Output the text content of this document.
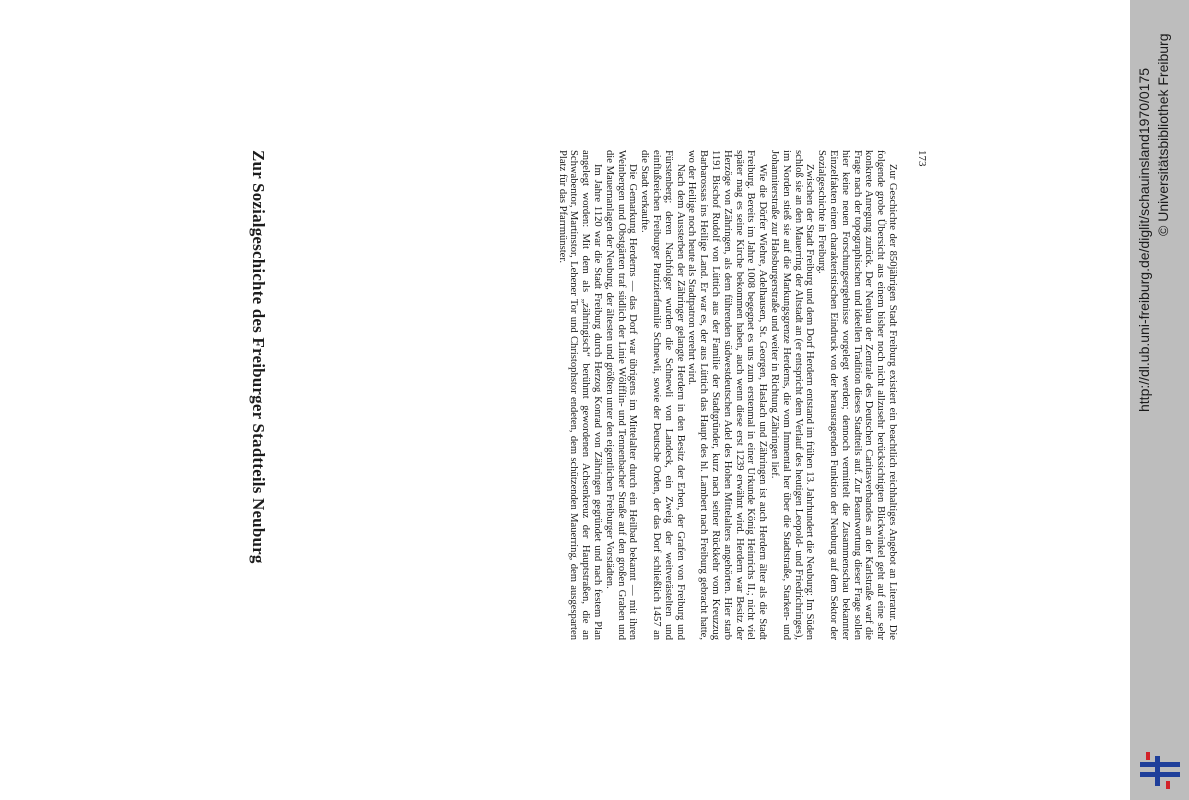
Zur Sozialgeschichte des Freiburger Stadtteils Neuburg	Zur Geschichte der 850jährigen Stadt Freiburg existiert ein beachtlich reichhaltiges Angebot an Literatur. Die folgende grobe Übersicht aus einem bisher noch nicht allzusehr berücksichtigten Blickwinkel geht auf eine sehr konkrete Anregung zurück. Der Neubau der Zentrale des Deutschen Caritasverbandes an der Karlstraße warf die Frage nach der topographischen und ideellen Tradition dieses Stadtteils auf. Zur Beantwortung dieser Frage sollen hier keine neuen Forschungsergebnisse vorgelegt werden; dennoch vermittelt die Zusammenschau bekannter Einzelfakten einen charakteristischen Eindruck von der herausragenden Funktion der Neuburg auf dem Sektor der Sozialgeschichte in Freiburg.

Zwischen der Stadt Freiburg und dem Dorf Herdern entstand im frühen 13. Jahrhundert die Neuburg: Im Süden schloß sie an den Mauerring der Altstadt an (er entspricht dem Verlauf des heutigen Leopold- und Friedrichringes), im Norden stieß sie auf die Markungsgrenze Herderns, die vom Immental her über die Stadtstraße, Starken- und Johanniterstraße zur Habsburgerstraße und weiter in Richtung Zähringen lief.

Wie die Dörfer Wiehre, Adelhausen, St. Georgen, Haslach und Zähringen ist auch Herdern älter als die Stadt Freiburg. Bereits im Jahre 1008 begegnet es uns zum erstenmal in einer Urkunde König Heinrichs II.; nicht viel später mag es seine Kirche bekommen haben, auch wenn diese erst 1239 erwähnt wird. Herdern war Besitz der Herzöge von Zähringen, als dem führenden südwestdeutschen Adel des Hohen Mittelalters angehörten. Hier starb 1191 Bischof Rudolf von Lüttich aus der Familie der Stadtgründer, kurz nach seiner Rückkehr vom Kreuzzug Barbarossas ins Heilige Land. Er war es, der aus Lüttich das Haupt des hl. Lambert nach Freiburg gebracht hatte, wo der Heilige noch heute als Stadtpatron verehrt wird.

Nach dem Aussterben der Zähringer gelangte Herdern in den Besitz der Erben, der Grafen von Freiburg und Fürstenberg; deren Nachfolger wurden die Schnewli von Landeck, ein Zweig der weitverästelten und einflußreichen Freiburger Patrizierfamilie Schnewli, sowie der Deutsche Orden, der das Dorf schließlich 1457 an die Stadt verkaufte.

Die Gemarkung Herderns — das Dorf war übrigens im Mittelalter durch ein Heilbad bekannt — mit ihren Weinbergen und Obstgärten traf südlich der Linie Wölfflin- und Tennenbacher Straße auf den großen Graben und die Mauernanlagen der Neuburg, der ältesten und größten unter den eigentlichen Freiburger Vorstädten.

Im Jahre 1120 war die Stadt Freiburg durch Herzog Konrad von Zähringen gegründet und nach festem Plan angelegt worden: Mit dem als „zähringisch“ berühmt gewordenen Achsenkreuz der Hauptstraßen, die an Schwabentor, Martinstor, Lehener Tor und Christophstor endeten, dem schützenden Mauerring, dem ausgesparten Platz für das Pfarrmünster.	173	http://dl.ub.uni-freiburg.de/diglit/schauinsland1970/0175 © Universitätsbibliothek Freiburg
